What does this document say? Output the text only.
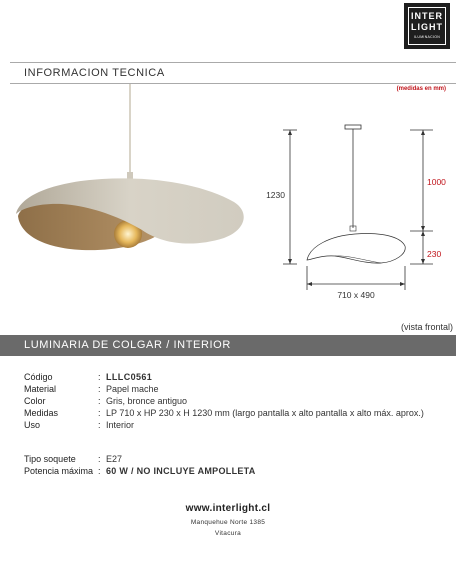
INTER
LIGHT
ILUMINACION
INFORMACION TECNICA
(medidas en mm)
1230
1000
230
710 x 490
(vista frontal)
LUMINARIA DE COLGAR / INTERIOR
Código	: LLLC0561
Material	: Papel mache
Color	: Gris, bronce antiguo
Medidas	: LP 710 x HP 230 x H 1230 mm (largo pantalla x alto pantalla x alto máx. aprox.)
Uso	: Interior
Tipo soquete	: E27
Potencia máxima : 60 W / NO INCLUYE AMPOLLETA
www.interlight.cl
Manquehue Norte 1385
Vitacura
